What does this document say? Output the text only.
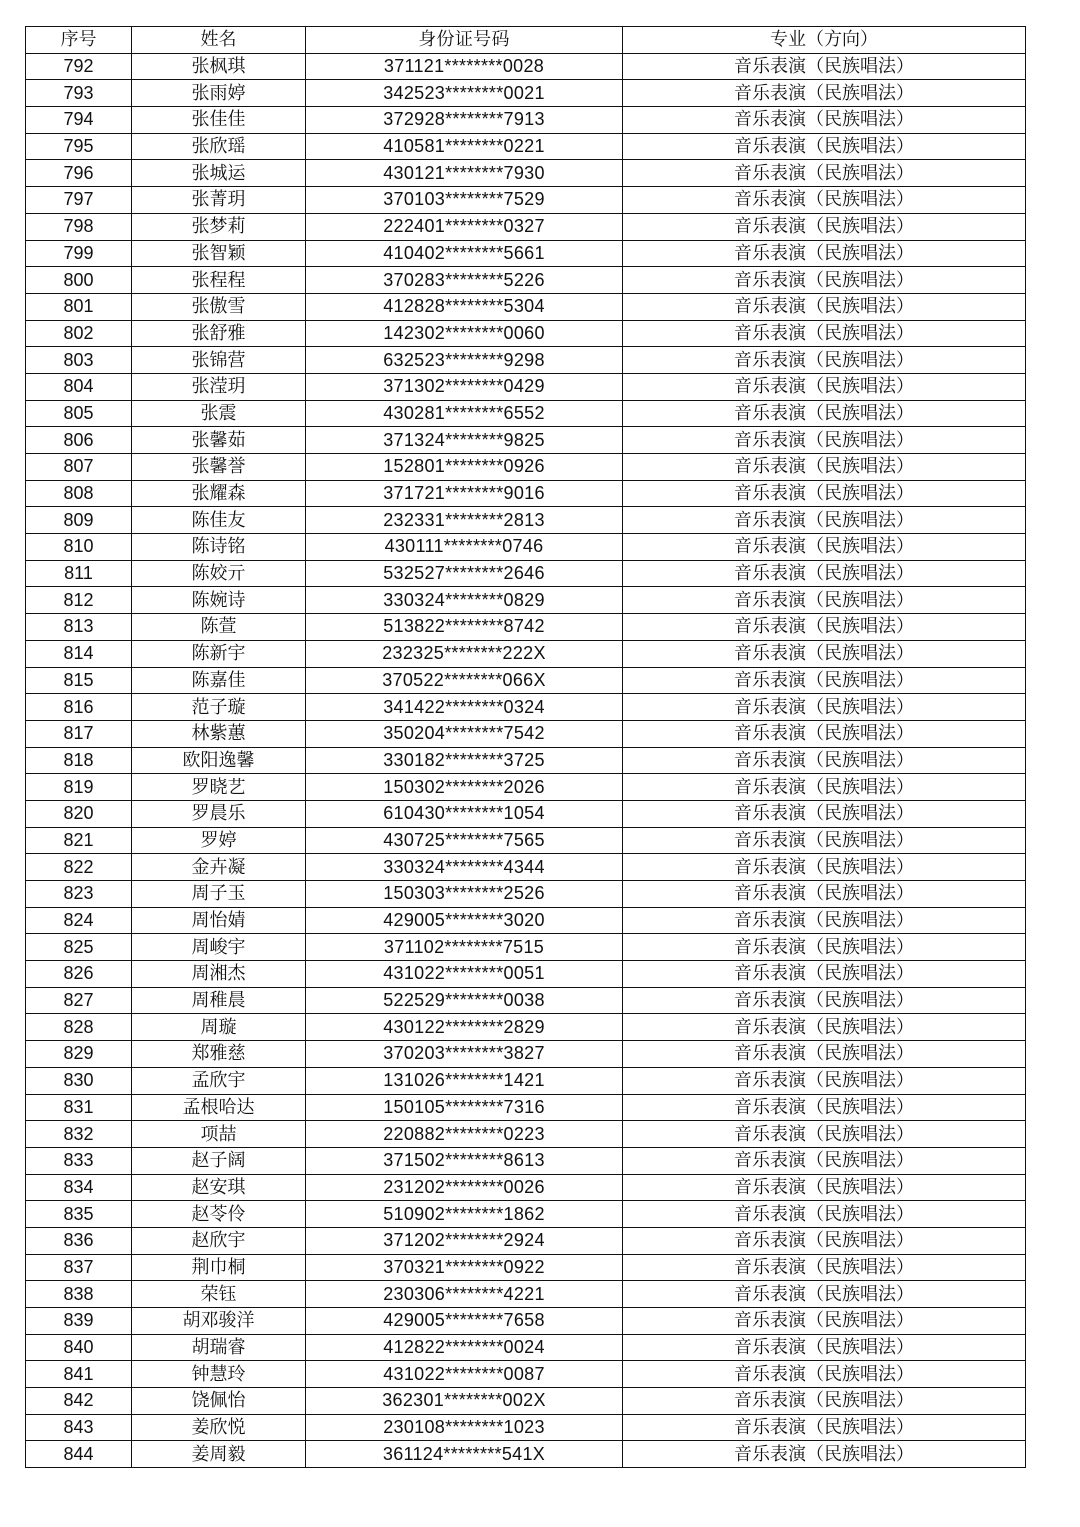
序号	姓名	身份证号码	专业（方向）
792	张枫琪	371121********0028	音乐表演（民族唱法）
793	张雨婷	342523********0021	音乐表演（民族唱法）
794	张佳佳	372928********7913	音乐表演（民族唱法）
795	张欣瑶	410581********0221	音乐表演（民族唱法）
796	张城运	430121********7930	音乐表演（民族唱法）
797	张菁玥	370103********7529	音乐表演（民族唱法）
798	张梦莉	222401********0327	音乐表演（民族唱法）
799	张智颖	410402********5661	音乐表演（民族唱法）
800	张程程	370283********5226	音乐表演（民族唱法）
801	张傲雪	412828********5304	音乐表演（民族唱法）
802	张舒雅	142302********0060	音乐表演（民族唱法）
803	张锦营	632523********9298	音乐表演（民族唱法）
804	张滢玥	371302********0429	音乐表演（民族唱法）
805	张震	430281********6552	音乐表演（民族唱法）
806	张馨茹	371324********9825	音乐表演（民族唱法）
807	张馨誉	152801********0926	音乐表演（民族唱法）
808	张耀森	371721********9016	音乐表演（民族唱法）
809	陈佳友	232331********2813	音乐表演（民族唱法）
810	陈诗铭	430111********0746	音乐表演（民族唱法）
811	陈姣亓	532527********2646	音乐表演（民族唱法）
812	陈婉诗	330324********0829	音乐表演（民族唱法）
813	陈萱	513822********8742	音乐表演（民族唱法）
814	陈新宇	232325********222X	音乐表演（民族唱法）
815	陈嘉佳	370522********066X	音乐表演（民族唱法）
816	范子璇	341422********0324	音乐表演（民族唱法）
817	林紫蕙	350204********7542	音乐表演（民族唱法）
818	欧阳逸馨	330182********3725	音乐表演（民族唱法）
819	罗晓艺	150302********2026	音乐表演（民族唱法）
820	罗晨乐	610430********1054	音乐表演（民族唱法）
821	罗婷	430725********7565	音乐表演（民族唱法）
822	金卉凝	330324********4344	音乐表演（民族唱法）
823	周子玉	150303********2526	音乐表演（民族唱法）
824	周怡婧	429005********3020	音乐表演（民族唱法）
825	周峻宇	371102********7515	音乐表演（民族唱法）
826	周湘杰	431022********0051	音乐表演（民族唱法）
827	周稚晨	522529********0038	音乐表演（民族唱法）
828	周璇	430122********2829	音乐表演（民族唱法）
829	郑雅慈	370203********3827	音乐表演（民族唱法）
830	孟欣宇	131026********1421	音乐表演（民族唱法）
831	孟根哈达	150105********7316	音乐表演（民族唱法）
832	项喆	220882********0223	音乐表演（民族唱法）
833	赵子阔	371502********8613	音乐表演（民族唱法）
834	赵安琪	231202********0026	音乐表演（民族唱法）
835	赵苓伶	510902********1862	音乐表演（民族唱法）
836	赵欣宇	371202********2924	音乐表演（民族唱法）
837	荆巾桐	370321********0922	音乐表演（民族唱法）
838	荣钰	230306********4221	音乐表演（民族唱法）
839	胡邓骏洋	429005********7658	音乐表演（民族唱法）
840	胡瑞睿	412822********0024	音乐表演（民族唱法）
841	钟慧玲	431022********0087	音乐表演（民族唱法）
842	饶佩怡	362301********002X	音乐表演（民族唱法）
843	姜欣悦	230108********1023	音乐表演（民族唱法）
844	姜周毅	361124********541X	音乐表演（民族唱法）
